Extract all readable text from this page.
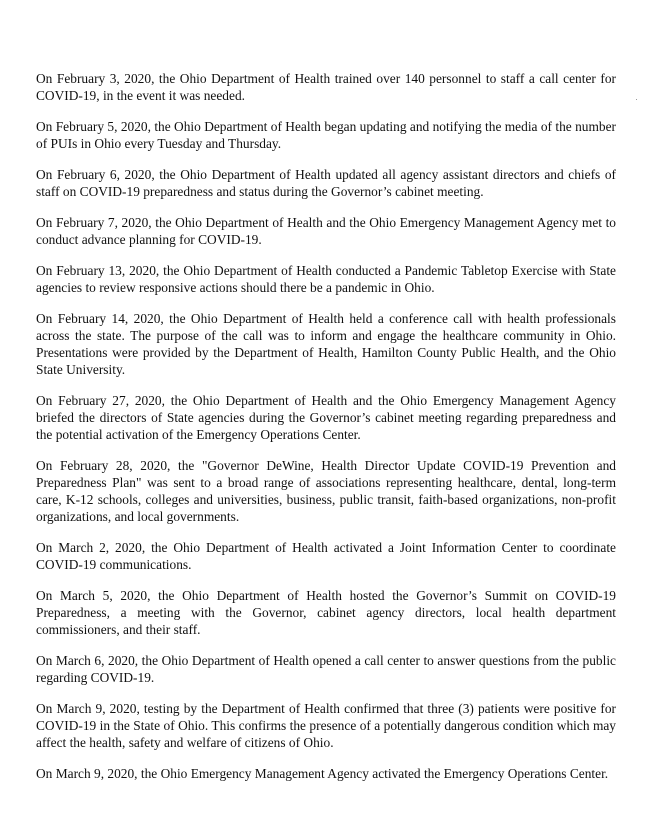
On February 3, 2020, the Ohio Department of Health trained over 140 personnel to staff a call center for COVID-19, in the event it was needed.

On February 5, 2020, the Ohio Department of Health began updating and notifying the media of the number of PUIs in Ohio every Tuesday and Thursday.

On February 6, 2020, the Ohio Department of Health updated all agency assistant directors and chiefs of staff on COVID-19 preparedness and status during the Governor’s cabinet meeting.

On February 7, 2020, the Ohio Department of Health and the Ohio Emergency Management Agency met to conduct advance planning for COVID-19.

On February 13, 2020, the Ohio Department of Health conducted a Pandemic Tabletop Exercise with State agencies to review responsive actions should there be a pandemic in Ohio.

On February 14, 2020, the Ohio Department of Health held a conference call with health professionals across the state. The purpose of the call was to inform and engage the healthcare community in Ohio. Presentations were provided by the Department of Health, Hamilton County Public Health, and the Ohio State University.

On February 27, 2020, the Ohio Department of Health and the Ohio Emergency Management Agency briefed the directors of State agencies during the Governor’s cabinet meeting regarding preparedness and the potential activation of the Emergency Operations Center.

On February 28, 2020, the "Governor DeWine, Health Director Update COVID-19 Prevention and Preparedness Plan" was sent to a broad range of associations representing healthcare, dental, long-term care, K-12 schools, colleges and universities, business, public transit, faith-based organizations, non-profit organizations, and local governments.

On March 2, 2020, the Ohio Department of Health activated a Joint Information Center to coordinate COVID-19 communications.

On March 5, 2020, the Ohio Department of Health hosted the Governor’s Summit on COVID-19 Preparedness, a meeting with the Governor, cabinet agency directors, local health department commissioners, and their staff.

On March 6, 2020, the Ohio Department of Health opened a call center to answer questions from the public regarding COVID-19.

On March 9, 2020, testing by the Department of Health confirmed that three (3) patients were positive for COVID-19 in the State of Ohio. This confirms the presence of a potentially dangerous condition which may affect the health, safety and welfare of citizens of Ohio.

On March 9, 2020, the Ohio Emergency Management Agency activated the Emergency Operations Center.
